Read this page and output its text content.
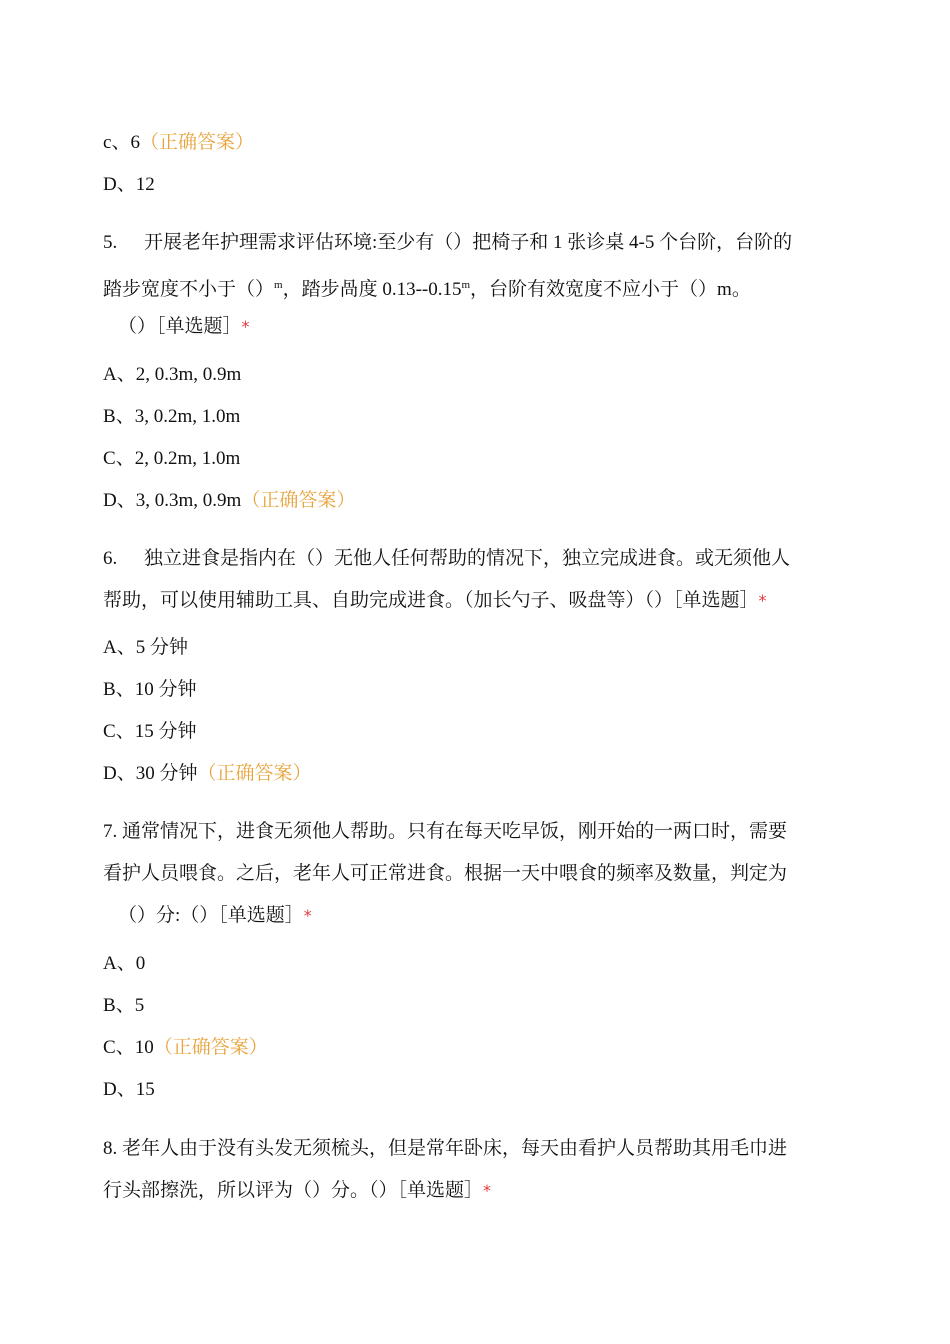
c、6（正确答案）
D、12
5. 开展老年护理需求评估环境:至少有（）把椅子和 1 张诊桌 4-5 个台阶，台阶的
踏步宽度不小于（）$^m$，踏步咼度 0.13--0.15$^m$，台阶有效宽度不应小于（）m。
（）［单选题］*
A、2, 0.3m, 0.9m
B、3, 0.2m, 1.0m
C、2, 0.2m, 1.0m
D、3, 0.3m, 0.9m（正确答案）
6. 独立进食是指内在（）无他人任何帮助的情况下，独立完成进食。或无须他人
帮助，可以使用辅助工具、自助完成进食。（加长勺子、吸盘等）（）［单选题］*
A、5 分钟
B、10 分钟
C、15 分钟
D、30 分钟（正确答案）
7. 通常情况下，进食无须他人帮助。只有在每天吃早饭，刚开始的一两口时，需要
看护人员喂食。之后，老年人可正常进食。根据一天中喂食的频率及数量，判定为
（）分:（）［单选题］*
A、0
B、5
C、10（正确答案）
D、15
8. 老年人由于没有头发无须梳头，但是常年卧床，每天由看护人员帮助其用毛巾进
行头部擦洗，所以评为（）分。（）［单选题］*
